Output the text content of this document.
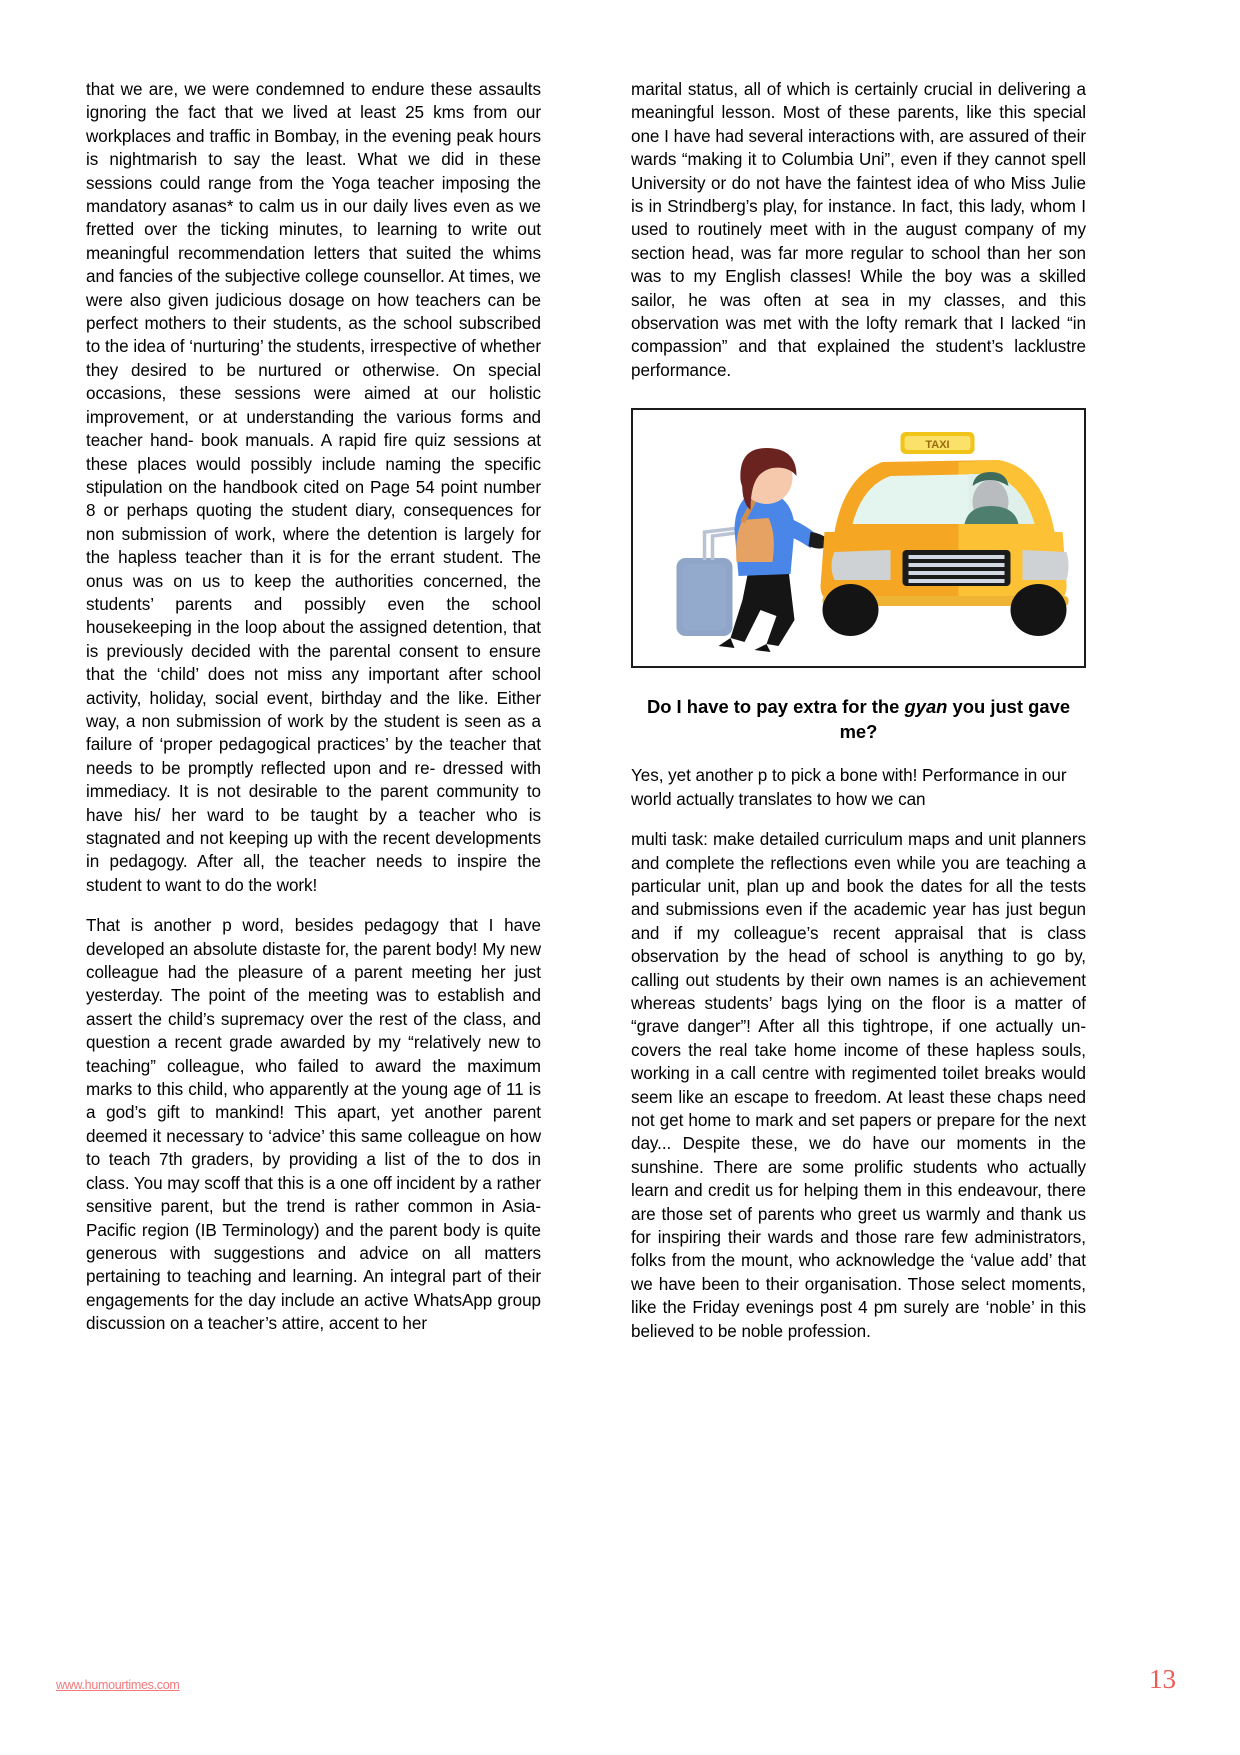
that we are, we were condemned to endure these assaults ignoring the fact that we lived at least 25 kms from our workplaces and traffic in Bombay, in the evening peak hours is nightmarish to say the least. What we did in these sessions could range from the Yoga teacher imposing the mandatory asanas* to calm us in our daily lives even as we fretted over the ticking minutes, to learning to write out meaningful recommendation letters that suited the whims and fancies of the subjective college counsellor. At times, we were also given judicious dosage on how teachers can be perfect mothers to their students, as the school subscribed to the idea of ‘nurturing’ the students, irrespective of whether they desired to be nurtured or otherwise. On special occasions, these sessions were aimed at our holistic improvement, or at understanding the various forms and teacher hand- book manuals. A rapid fire quiz sessions at these places would possibly include naming the specific stipulation on the handbook cited on Page 54 point number 8 or perhaps quoting the student diary, consequences for non submission of work, where the detention is largely for the hapless teacher than it is for the errant student. The onus was on us to keep the authorities concerned, the students’ parents and possibly even the school housekeeping in the loop about the assigned detention, that is previously decided with the parental consent to ensure that the ‘child’ does not miss any important after school activity, holiday, social event, birthday and the like. Either way, a non submission of work by the student is seen as a failure of ‘proper pedagogical practices’ by the teacher that needs to be promptly reflected upon and re- dressed with immediacy. It is not desirable to the parent community to have his/ her ward to be taught by a teacher who is stagnated and not keeping up with the recent developments in pedagogy. After all, the teacher needs to inspire the student to want to do the work!

That is another p word, besides pedagogy that I have developed an absolute distaste for, the parent body! My new colleague had the pleasure of a parent meeting her just yesterday. The point of the meeting was to establish and assert the child’s supremacy over the rest of the class, and question a recent grade awarded by my “relatively new to teaching” colleague, who failed to award the maximum marks to this child, who apparently at the young age of 11 is a god’s gift to mankind! This apart, yet another parent deemed it necessary to ‘advice’ this same colleague on how to teach 7th graders, by providing a list of the to dos in class. You may scoff that this is a one off incident by a rather sensitive parent, but the trend is rather common in Asia-Pacific region (IB Terminology) and the parent body is quite generous with suggestions and advice on all matters pertaining to teaching and learning. An integral part of their engagements for the day include an active WhatsApp group discussion on a teacher’s attire, accent to her

marital status, all of which is certainly crucial in delivering a meaningful lesson. Most of these parents, like this special one I have had several interactions with, are assured of their wards “making it to Columbia Uni”, even if they cannot spell University or do not have the faintest idea of who Miss Julie is in Strindberg’s play, for instance. In fact, this lady, whom I used to routinely meet with in the august company of my section head, was far more regular to school than her son was to my English classes! While the boy was a skilled sailor, he was often at sea in my classes, and this observation was met with the lofty remark that I lacked “in compassion” and that explained the student’s lacklustre performance.

TAXI
Do I have to pay extra for the gyan you just gave me?

Yes, yet another p to pick a bone with! Performance in our world actually translates to how we can

multi task: make detailed curriculum maps and unit planners and complete the reflections even while you are teaching a particular unit, plan up and book the dates for all the tests and submissions even if the academic year has just begun and if my colleague’s recent appraisal that is class observation by the head of school is anything to go by, calling out students by their own names is an achievement whereas students’ bags lying on the floor is a matter of “grave danger”! After all this tightrope, if one actually un- covers the real take home income of these hapless souls, working in a call centre with regimented toilet breaks would seem like an escape to freedom. At least these chaps need not get home to mark and set papers or prepare for the next day... Despite these, we do have our moments in the sunshine. There are some prolific students who actually learn and credit us for helping them in this endeavour, there are those set of parents who greet us warmly and thank us for inspiring their wards and those rare few administrators, folks from the mount, who acknowledge the ‘value add’ that we have been to their organisation. Those select moments, like the Friday evenings post 4 pm surely are ‘noble’ in this believed to be noble profession.

www.humourtimes.com	13
